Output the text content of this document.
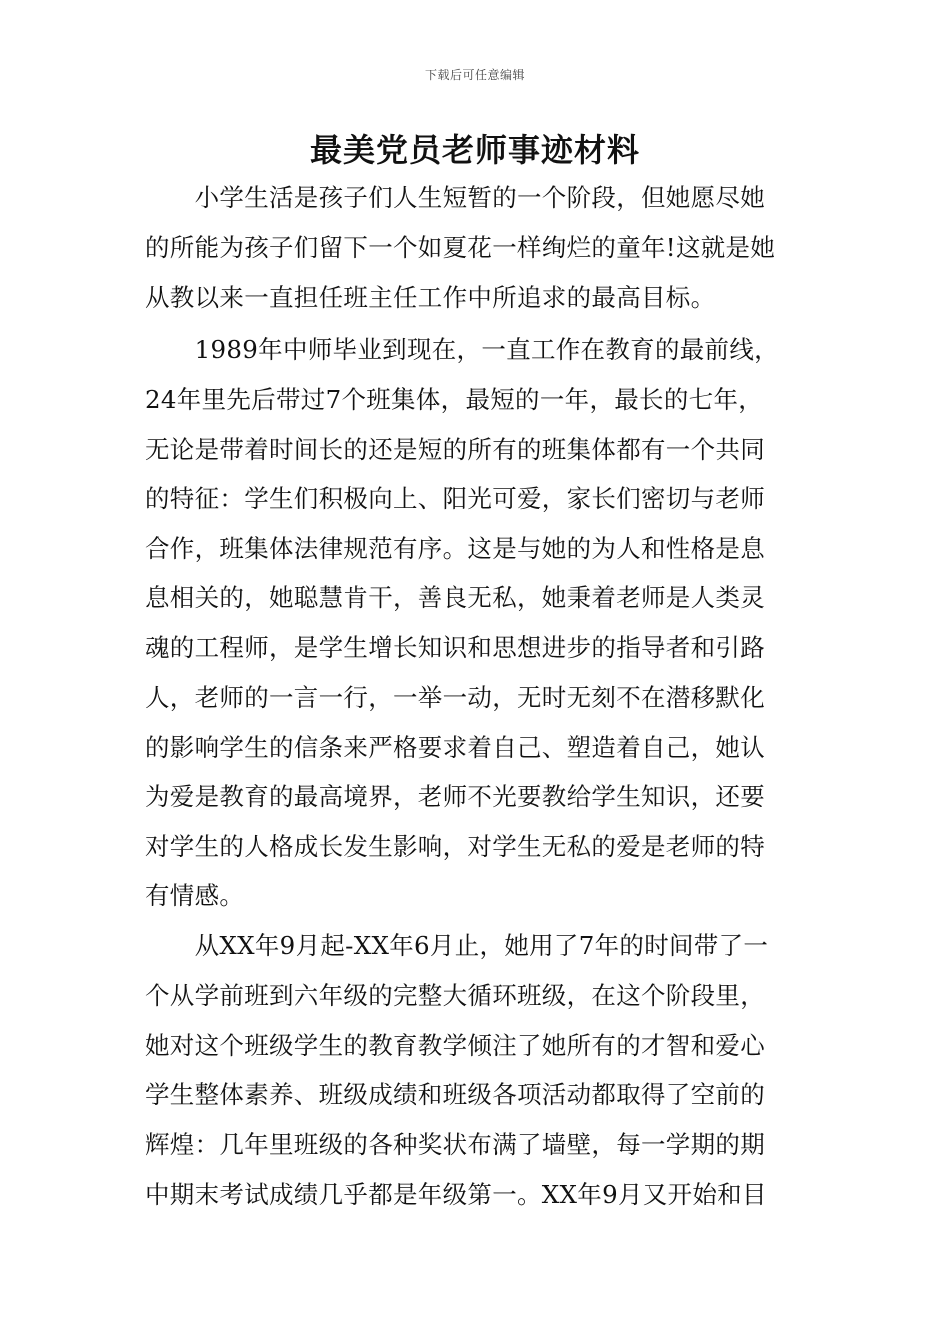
下载后可任意编辑
最美党员老师事迹材料
　　小学生活是孩子们人生短暂的一个阶段，但她愿尽她
的所能为孩子们留下一个如夏花一样绚烂的童年!这就是她
从教以来一直担任班主任工作中所追求的最高目标。
　　1989年中师毕业到现在，一直工作在教育的最前线，
24年里先后带过7个班集体，最短的一年，最长的七年，
无论是带着时间长的还是短的所有的班集体都有一个共同
的特征：学生们积极向上、阳光可爱，家长们密切与老师
合作，班集体法律规范有序。这是与她的为人和性格是息
息相关的，她聪慧肯干，善良无私，她秉着老师是人类灵
魂的工程师，是学生增长知识和思想进步的指导者和引路
人，老师的一言一行，一举一动，无时无刻不在潜移默化
的影响学生的信条来严格要求着自己、塑造着自己，她认
为爱是教育的最高境界，老师不光要教给学生知识，还要
对学生的人格成长发生影响，对学生无私的爱是老师的特
有情感。
　　从XX年9月起-XX年6月止，她用了7年的时间带了一
个从学前班到六年级的完整大循环班级，在这个阶段里，
她对这个班级学生的教育教学倾注了她所有的才智和爱心
学生整体素养、班级成绩和班级各项活动都取得了空前的
辉煌：几年里班级的各种奖状布满了墙壁，每一学期的期
中期末考试成绩几乎都是年级第一。XX年9月又开始和目
